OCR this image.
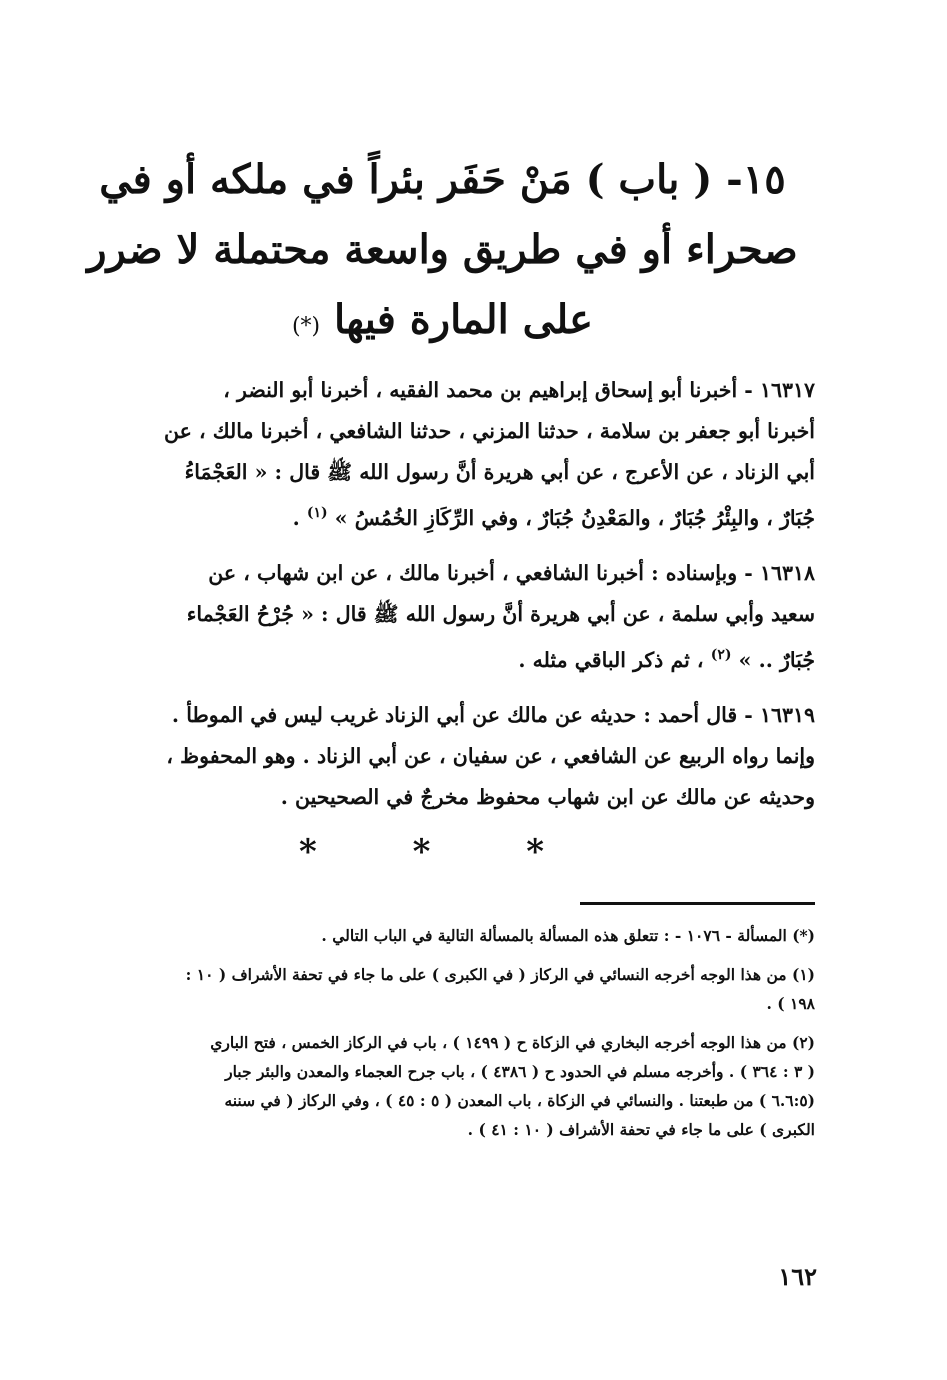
١٥- ( باب ) مَنْ حَفَر بئراً في ملكه أو في
صحراء أو في طريق واسعة محتملة لا ضرر
على المارة فيها (*)

١٦٣١٧ - أخبرنا أبو إسحاق إبراهيم بن محمد الفقيه ، أخبرنا أبو النضر ،

أخبرنا أبو جعفر بن سلامة ، حدثنا المزني ، حدثنا الشافعي ، أخبرنا مالك ، عن

أبي الزناد ، عن الأعرج ، عن أبي هريرة أنَّ رسول الله ﷺ قال : « العَجْمَاءُ

جُبَارٌ ، والبِئْرُ جُبَارٌ ، والمَعْدِنُ جُبَارٌ ، وفي الرِّكَازِ الخُمُسُ » $^{(١)}$ .

١٦٣١٨ - وبإسناده : أخبرنا الشافعي ، أخبرنا مالك ، عن ابن شهاب ، عن

سعيد وأبي سلمة ، عن أبي هريرة أنَّ رسول الله ﷺ قال : « جُرْحُ العَجْماء

جُبَارٌ .. » $^{(٢)}$ ، ثم ذكر الباقي مثله .

١٦٣١٩ - قال أحمد : حديثه عن مالك عن أبي الزناد غريب ليس في الموطأ .

وإنما رواه الربيع عن الشافعي ، عن سفيان ، عن أبي الزناد . وهو المحفوظ ،

وحديثه عن مالك عن ابن شهاب محفوظ مخرجٌ في الصحيحين .

* * *

(*) المسألة - ١٠٧٦ - : تتعلق هذه المسألة بالمسألة التالية في الباب التالي .

(١) من هذا الوجه أخرجه النسائي في الركاز ( في الكبرى ) على ما جاء في تحفة الأشراف ( ١٠ :

١٩٨ ) .

(٢) من هذا الوجه أخرجه البخاري في الزكاة ح ( ١٤٩٩ ) ، باب في الركاز الخمس ، فتح الباري

( ٣ : ٣٦٤ ) . وأخرجه مسلم في الحدود ح ( ٤٣٨٦ ) ، باب جرح العجماء والمعدن والبئر جبار

(٦.٦:٥ ) من طبعتنا . والنسائي في الزكاة ، باب المعدن ( ٥ : ٤٥ ) ، وفي الركاز ( في سننه

الكبرى ) على ما جاء في تحفة الأشراف ( ١٠ : ٤١ ) .

١٦٢
